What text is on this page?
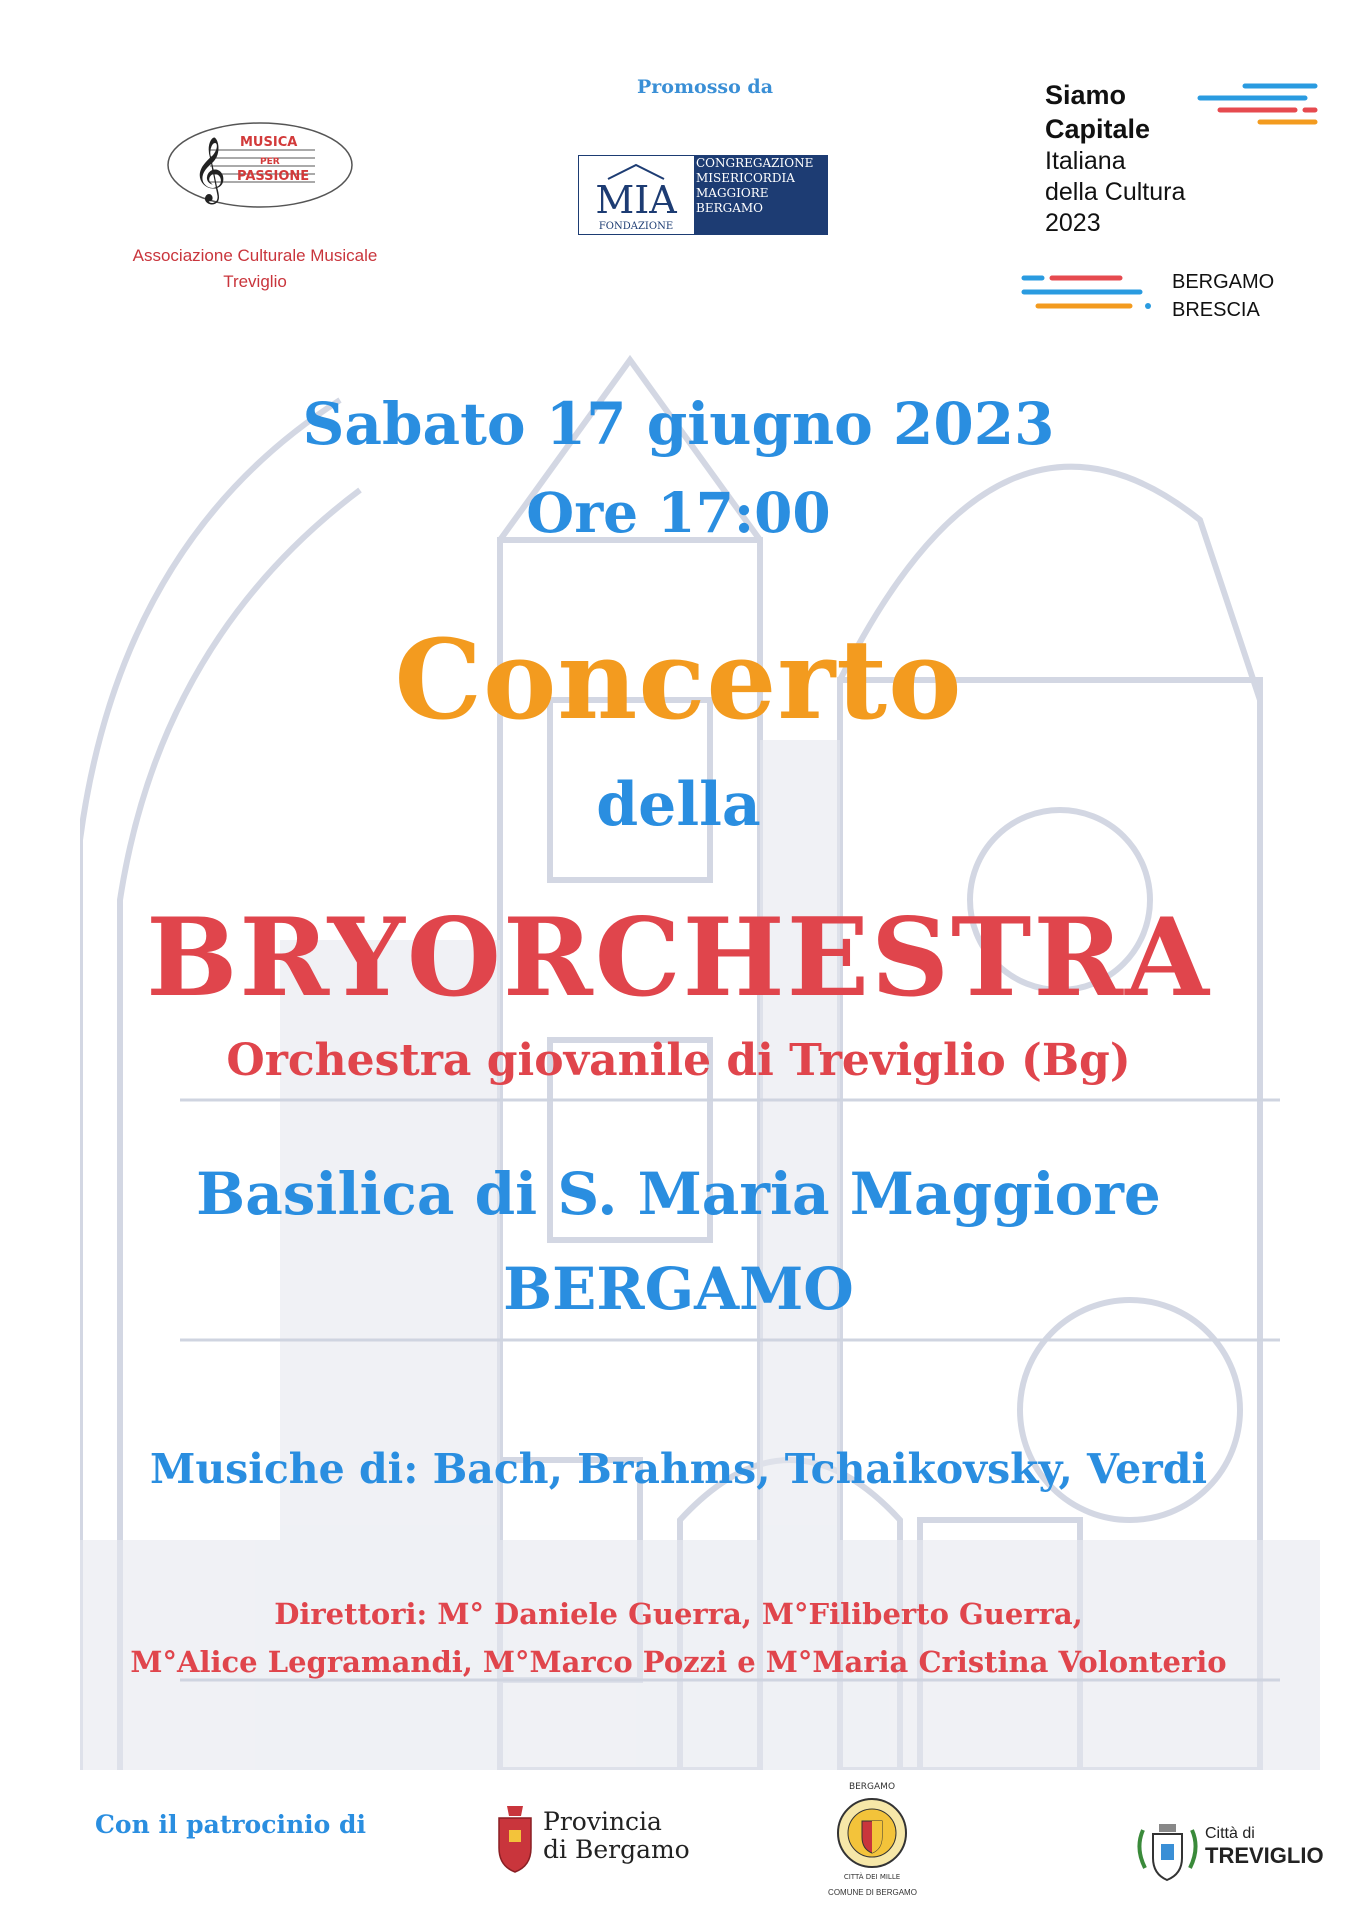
𝄞 MUSICA
PER
PASSIONE
Associazione Culturale Musicale
Treviglio
Promosso da
MIA
FONDAZIONE
CONGREGAZIONE
MISERICORDIA
MAGGIORE
BERGAMO
Siamo
Capitale
Italiana
della Cultura
2023
BERGAMO
BRESCIA
Sabato 17 giugno 2023
Ore 17:00
Concerto
della
BRYORCHESTRA
Orchestra giovanile di Treviglio (Bg)
Basilica di S. Maria Maggiore
BERGAMO
Musiche di: Bach, Brahms, Tchaikovsky, Verdi
Direttori: M° Daniele Guerra, M°Filiberto Guerra,
M°Alice Legramandi, M°Marco Pozzi e M°Maria Cristina Volonterio
Con il patrocinio di	Provincia
di Bergamo
BERGAMO
CITTÀ DEI MILLE
COMUNE DI BERGAMO
Città di
TREVIGLIO
